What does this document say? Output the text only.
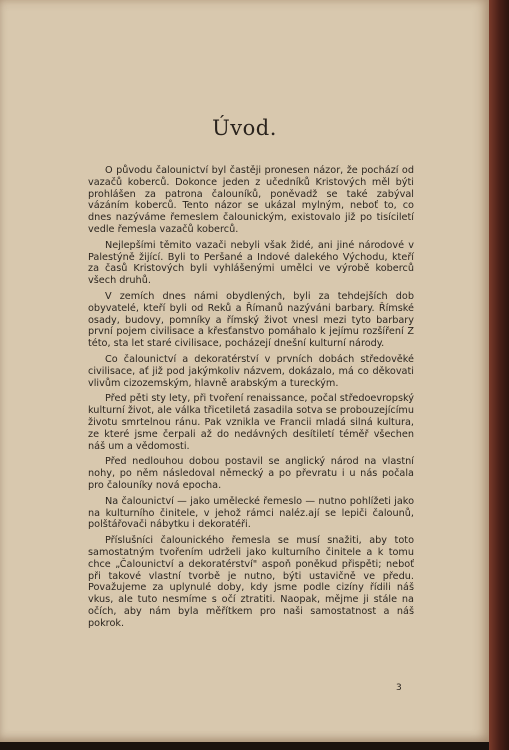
Úvod.

O původu čalounictví byl častěji pronesen názor, že pochází od vazačů koberců. Dokonce jeden z učedníků Kristových měl býti prohlášen za patrona čalouníků, poněvadž se také zabýval vázáním koberců. Tento názor se ukázal mylným, neboť to, co dnes nazýváme řemeslem čalounickým, existovalo již po tisíciletí vedle řemesla vazačů koberců.

Nejlepšími těmito vazači nebyli však židé, ani jiné národové v Palestýně žijící. Byli to Peršané a Indové dalekého Východu, kteří za časů Kristových byli vyhlášenými umělci ve výrobě koberců všech druhů.

V zemích dnes námi obydlených, byli za tehdejších dob obyvatelé, kteří byli od Reků a Římanů nazýváni barbary. Římské osady, budovy, pomníky a římský život vnesl mezi tyto barbary první pojem civilisace a křesťanstvo pomáhalo k jejímu rozšíření Z této, sta let staré civilisace, pocházejí dnešní kulturní národy.

Co čalounictví a dekoratérství v prvních dobách středověké civilisace, ať již pod jakýmkoliv názvem, dokázalo, má co děkovati vlivům cizozemským, hlavně arabským a tureckým.

Před pěti sty lety, při tvoření renaissance, počal středoevropský kulturní život, ale válka třicetiletá zasadila sotva se probouzejícímu životu smrtelnou ránu. Pak vznikla ve Francii mladá silná kultura, ze které jsme čerpali až do nedávných desítiletí téměř všechen náš um a vědomosti.

Před nedlouhou dobou postavil se anglický národ na vlastní nohy, po něm následoval německý a po převratu i u nás počala pro čalouníky nová epocha.

Na čalounictví — jako umělecké řemeslo — nutno pohlížeti jako na kulturního činitele, v jehož rámci naléz.ají se lepiči čalounů, polštářovači nábytku i dekoratéři.

Příslušníci čalounického řemesla se musí snažiti, aby toto samostatným tvořením udrželi jako kulturního činitele a k tomu chce „Čalounictví a dekoratérství" aspoň poněkud přispěti; neboť při takové vlastní tvorbě je nutno, býti ustavičně ve předu. Považujeme za uplynulé doby, kdy jsme podle cizíny řídili náš vkus, ale tuto nesmíme s očí ztratiti. Naopak, mějme ji stále na očích, aby nám byla měřítkem pro naši samostatnost a náš pokrok.

3
